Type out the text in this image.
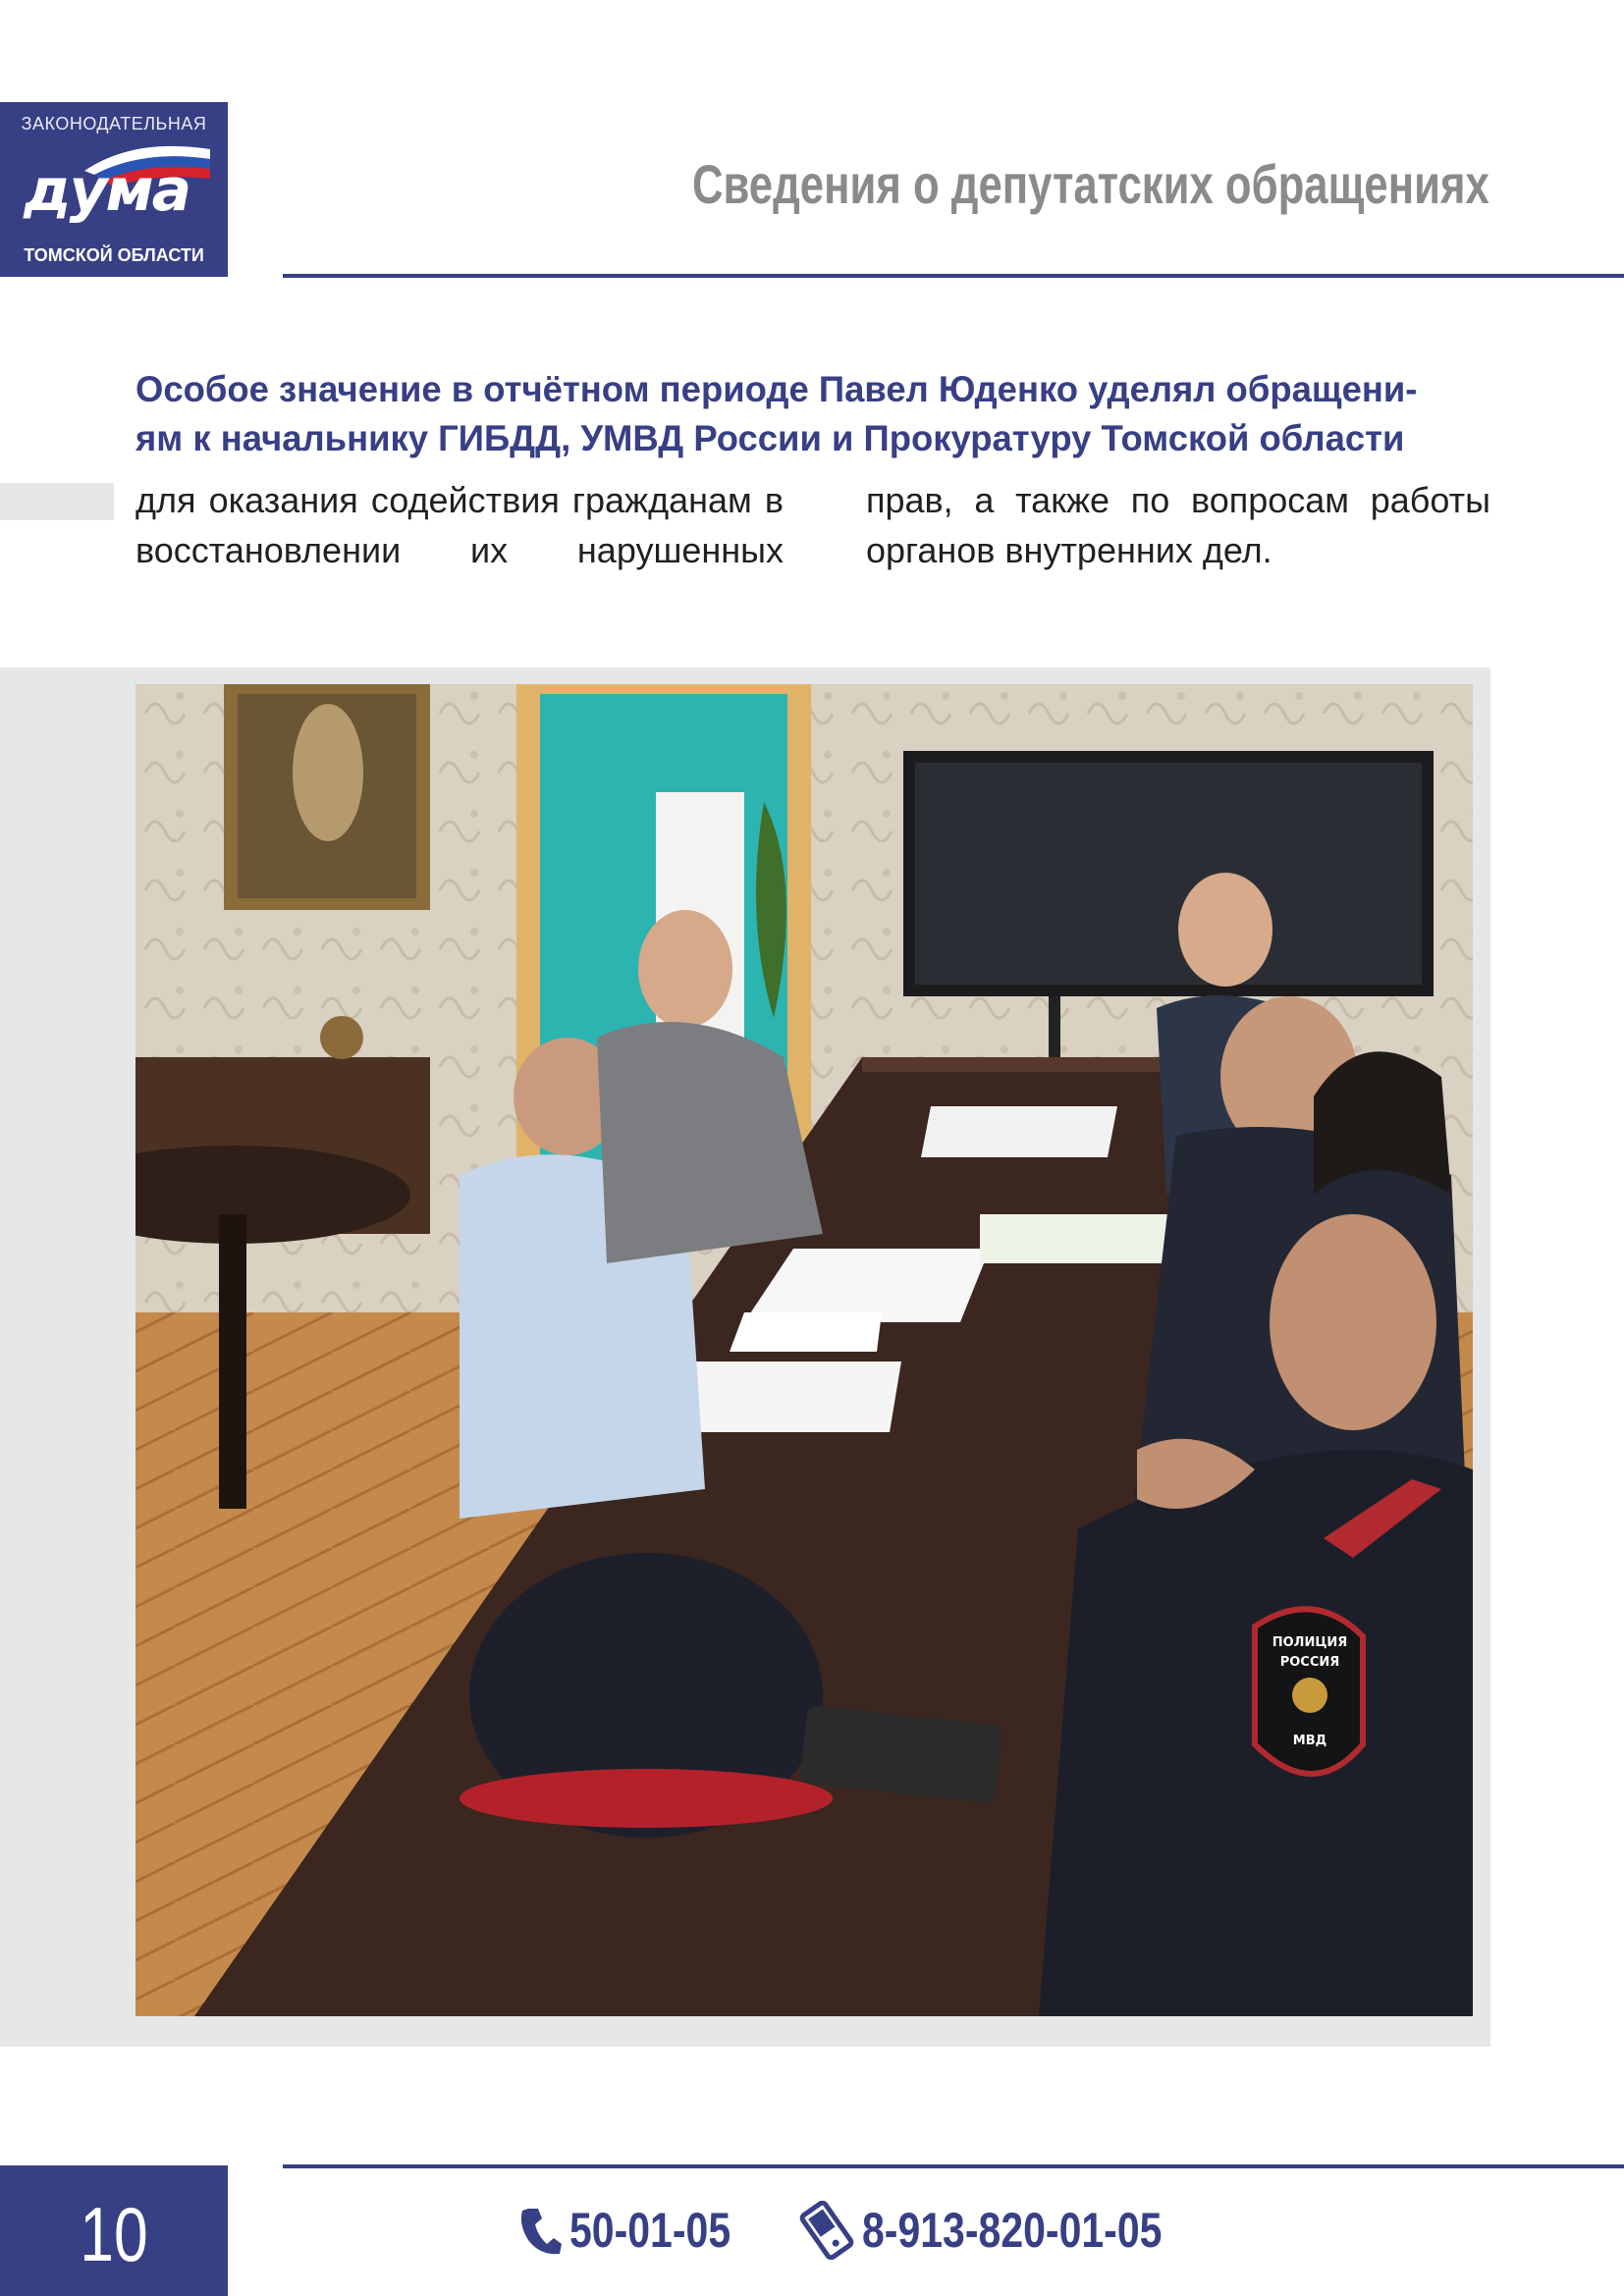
ЗАКОНОДАТЕЛЬНАЯ
дума
ТОМСКОЙ ОБЛАСТИ
Сведения о депутатских обращениях
Особое значение в отчётном периоде Павел Юденко уделял обращени-
ям к начальнику ГИБДД, УМВД России и Прокуратуру Томской области
для оказания содействия гражданам в восстановлении их нарушенных
прав, а также по вопросам работы органов внутренних дел.
ПОЛИЦИЯ
РОССИЯ
МВД
10	50-01-05	8-913-820-01-05
